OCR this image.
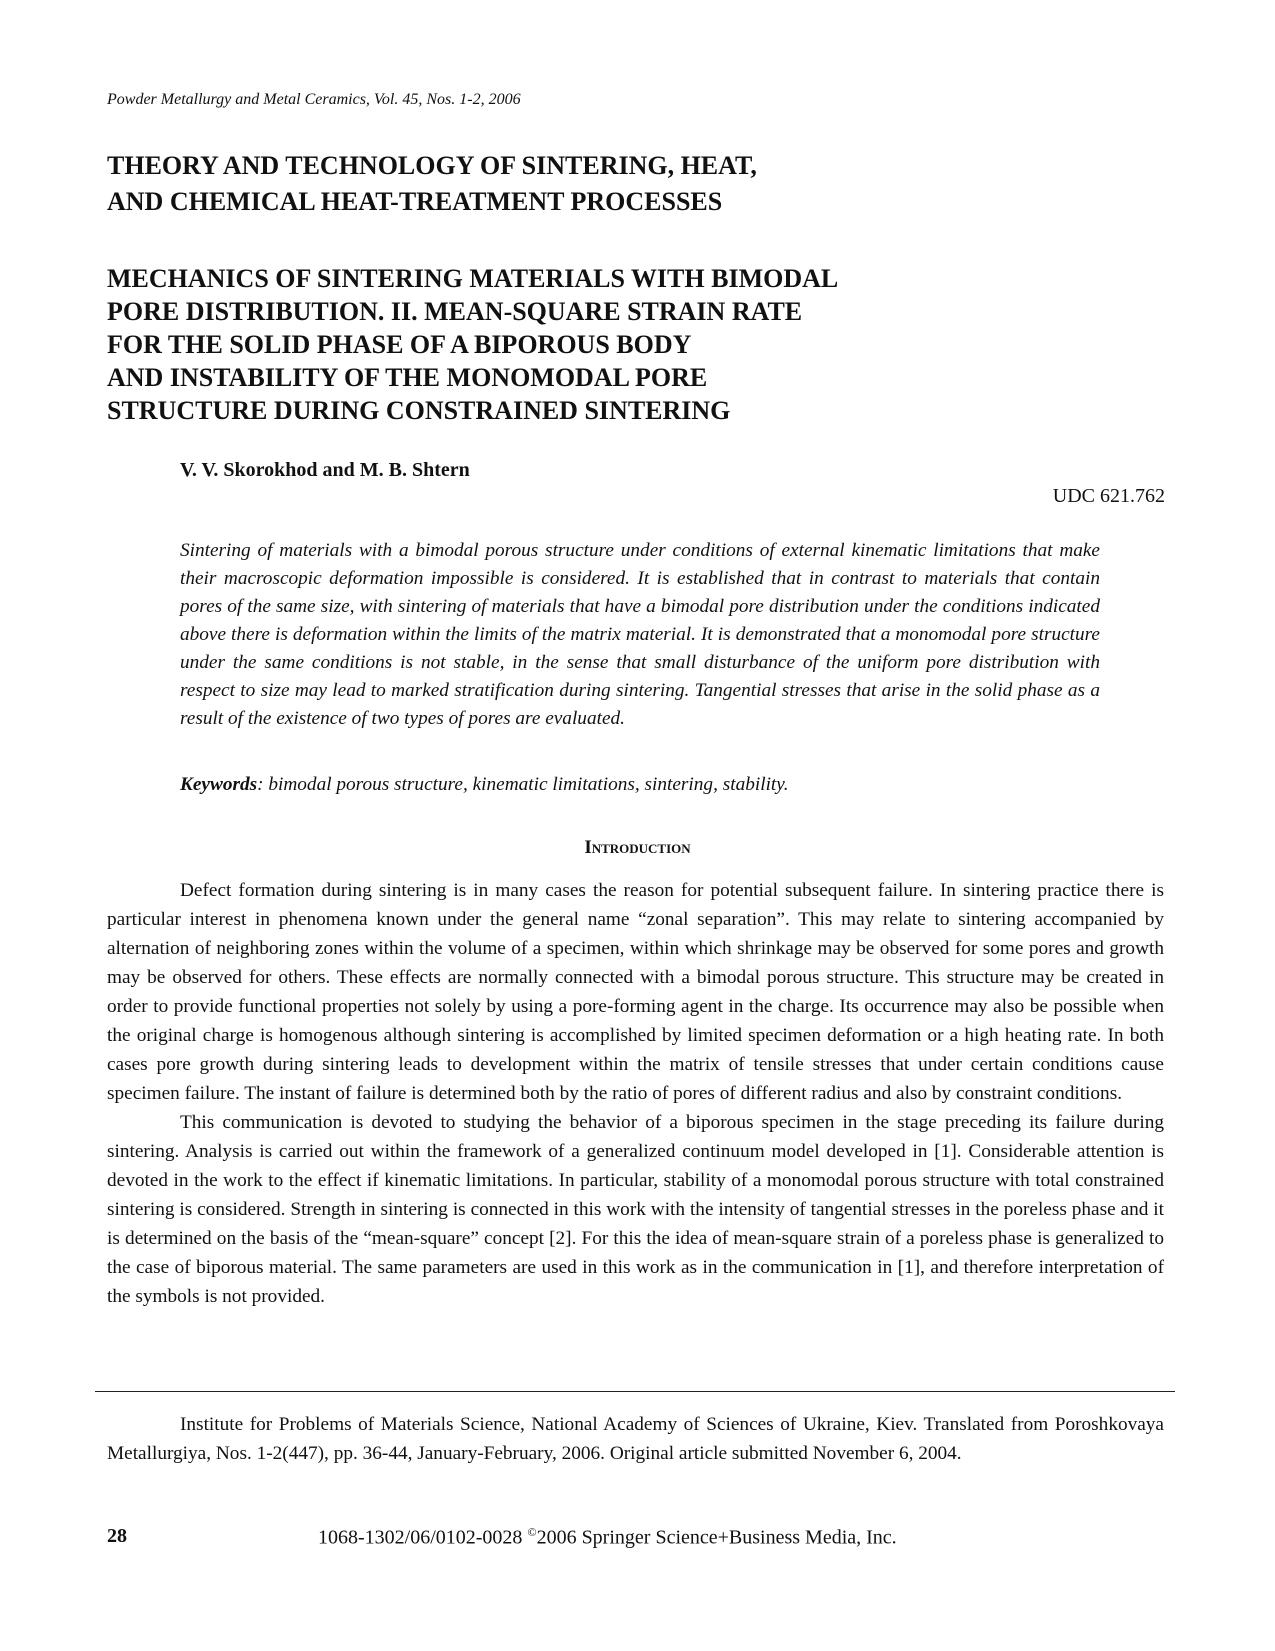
Powder Metallurgy and Metal Ceramics, Vol. 45, Nos. 1-2, 2006
THEORY AND TECHNOLOGY OF SINTERING, HEAT,
AND CHEMICAL HEAT-TREATMENT PROCESSES
MECHANICS OF SINTERING MATERIALS WITH BIMODAL
PORE DISTRIBUTION. II. MEAN-SQUARE STRAIN RATE
FOR THE SOLID PHASE OF A BIPOROUS BODY
AND INSTABILITY OF THE MONOMODAL PORE
STRUCTURE DURING CONSTRAINED SINTERING
V. V. Skorokhod and M. B. Shtern
UDC 621.762

Sintering of materials with a bimodal porous structure under conditions of external kinematic limitations that make their macroscopic deformation impossible is considered. It is established that in contrast to materials that contain pores of the same size, with sintering of materials that have a bimodal pore distribution under the conditions indicated above there is deformation within the limits of the matrix material. It is demonstrated that a monomodal pore structure under the same conditions is not stable, in the sense that small disturbance of the uniform pore distribution with respect to size may lead to marked stratification during sintering. Tangential stresses that arise in the solid phase as a result of the existence of two types of pores are evaluated.

Keywords: bimodal porous structure, kinematic limitations, sintering, stability.

Introduction

Defect formation during sintering is in many cases the reason for potential subsequent failure. In sintering practice there is particular interest in phenomena known under the general name “zonal separation”. This may relate to sintering accompanied by alternation of neighboring zones within the volume of a specimen, within which shrinkage may be observed for some pores and growth may be observed for others. These effects are normally connected with a bimodal porous structure. This structure may be created in order to provide functional properties not solely by using a pore-forming agent in the charge. Its occurrence may also be possible when the original charge is homogenous although sintering is accomplished by limited specimen deformation or a high heating rate. In both cases pore growth during sintering leads to development within the matrix of tensile stresses that under certain conditions cause specimen failure. The instant of failure is determined both by the ratio of pores of different radius and also by constraint conditions.

This communication is devoted to studying the behavior of a biporous specimen in the stage preceding its failure during sintering. Analysis is carried out within the framework of a generalized continuum model developed in [1]. Considerable attention is devoted in the work to the effect if kinematic limitations. In particular, stability of a monomodal porous structure with total constrained sintering is considered. Strength in sintering is connected in this work with the intensity of tangential stresses in the poreless phase and it is determined on the basis of the “mean-square” concept [2]. For this the idea of mean-square strain of a poreless phase is generalized to the case of biporous material. The same parameters are used in this work as in the communication in [1], and therefore interpretation of the symbols is not provided.

Institute for Problems of Materials Science, National Academy of Sciences of Ukraine, Kiev. Translated from Poroshkovaya Metallurgiya, Nos. 1-2(447), pp. 36-44, January-February, 2006. Original article submitted November 6, 2004.

28	1068-1302/06/0102-0028 ©2006 Springer Science+Business Media, Inc.
